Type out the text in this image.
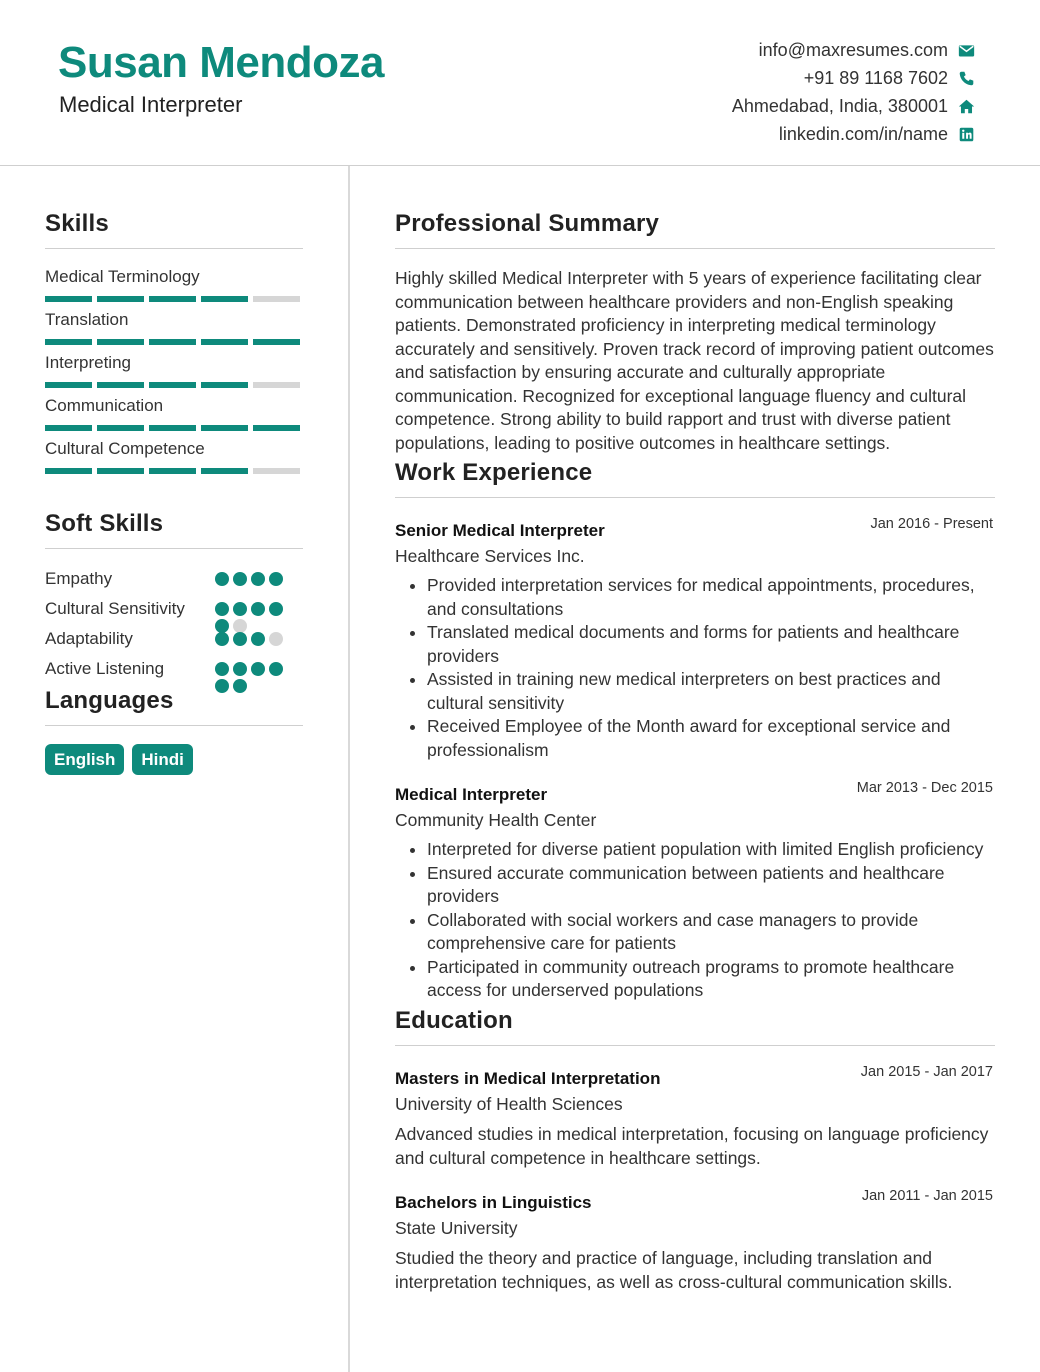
Susan Mendoza
Medical Interpreter
info@maxresumes.com
+91 89 1168 7602
Ahmedabad, India, 380001
linkedin.com/in/name
Skills
Medical Terminology
Translation
Interpreting
Communication
Cultural Competence
Soft Skills
Empathy
Cultural Sensitivity
Adaptability
Active Listening
Languages
English	Hindi
Professional Summary

Highly skilled Medical Interpreter with 5 years of experience facilitating clear communication between healthcare providers and non-English speaking patients. Demonstrated proficiency in interpreting medical terminology accurately and sensitively. Proven track record of improving patient outcomes and satisfaction by ensuring accurate and culturally appropriate communication. Recognized for exceptional language fluency and cultural competence. Strong ability to build rapport and trust with diverse patient populations, leading to positive outcomes in healthcare settings.

Work Experience
Senior Medical Interpreter	Jan 2016 - Present
Healthcare Services Inc.
• Provided interpretation services for medical appointments, procedures, and consultations
• Translated medical documents and forms for patients and healthcare providers
• Assisted in training new medical interpreters on best practices and cultural sensitivity
• Received Employee of the Month award for exceptional service and professionalism
Medical Interpreter	Mar 2013 - Dec 2015
Community Health Center
• Interpreted for diverse patient population with limited English proficiency
• Ensured accurate communication between patients and healthcare providers
• Collaborated with social workers and case managers to provide comprehensive care for patients
• Participated in community outreach programs to promote healthcare access for underserved populations
Education
Masters in Medical Interpretation	Jan 2015 - Jan 2017
University of Health Sciences
Advanced studies in medical interpretation, focusing on language proficiency and cultural competence in healthcare settings.
Bachelors in Linguistics	Jan 2011 - Jan 2015
State University
Studied the theory and practice of language, including translation and interpretation techniques, as well as cross-cultural communication skills.
